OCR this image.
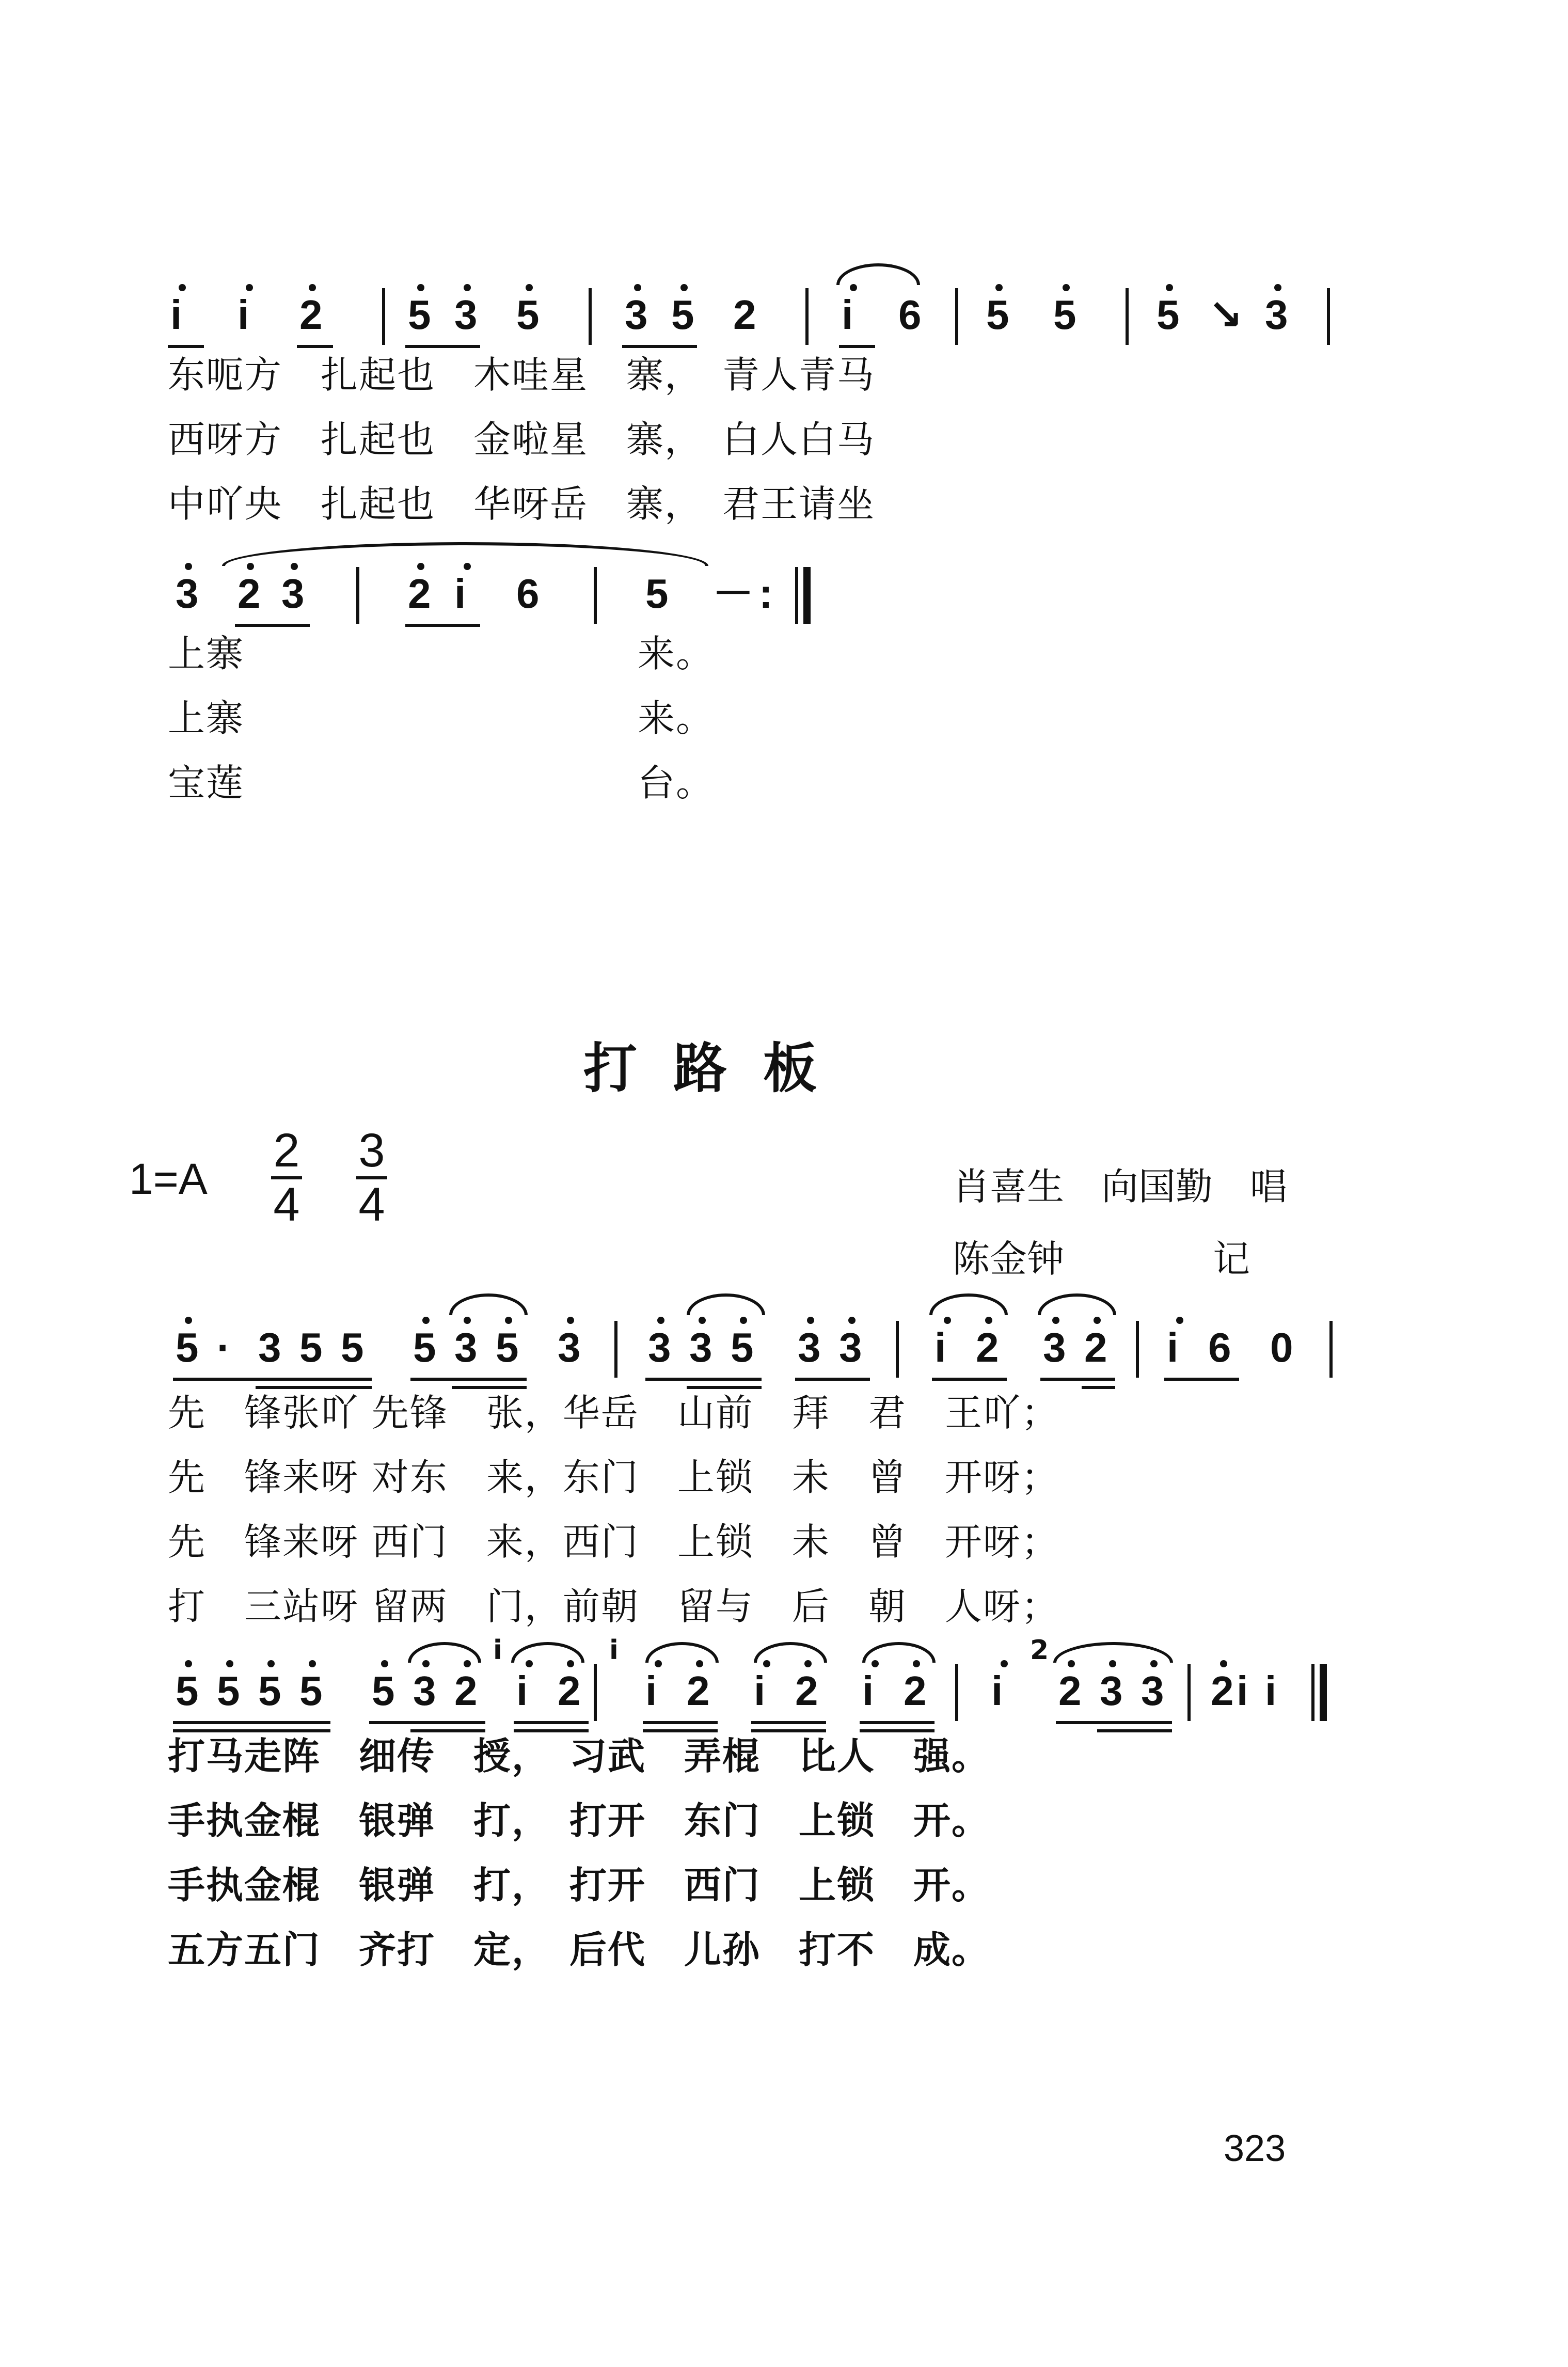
i i 2 5 3 5 3 5 2 i 6 5 5 5 ↘ 3
东呃方　扎起也　木哇星　寨，　青人青马
西呀方　扎起也　金啦星　寨，　白人白马
中吖央　扎起也　华呀岳　寨，　君王请坐
3 2 3	2 i 6	5 － :
上寨	来。
上寨	来。
宝莲	台。
打路板
1=A
2
4
3
4	肖喜生　向国勤　唱
陈金钟　　　　记
5 · 3 5 5 5 3 5 3 3 3 5 3 3 i 2 3 2 i 6 0
先　锋张吖 先锋　张，华岳　山前　拜　君　王吖；
先　锋来呀 对东　来，东门　上锁　未　曾　开呀；
先　锋来呀 西门　来，西门　上锁　未　曾　开呀；
打　三站呀 留两　门，前朝　留与　后　朝　人呀；
5 5 5 5 5 3 2 i 2
i	i
i 2 i 2 i 2
2
i 2 3 3 2 i i
打马走阵　细传　授，　习武　弄棍　比人　强。
手执金棍　银弹　打，　打开　东门　上锁　开。
手执金棍　银弹　打，　打开　西门　上锁　开。
五方五门　齐打　定，　后代　儿孙　打不　成。
323
